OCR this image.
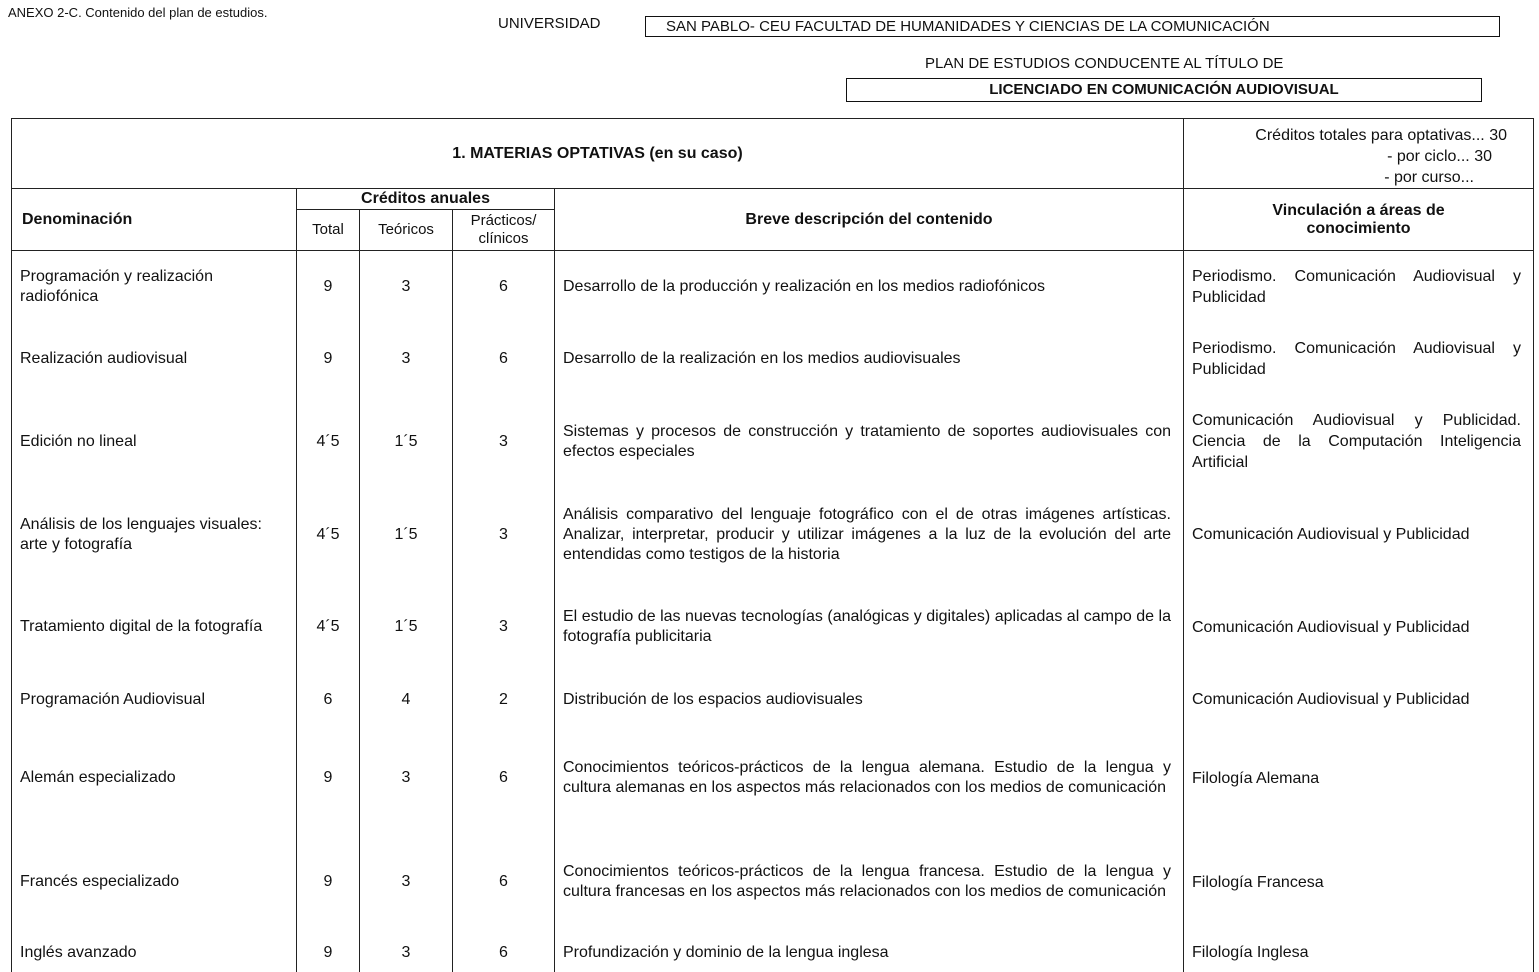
ANEXO 2-C. Contenido del plan de estudios.
UNIVERSIDAD	SAN PABLO- CEU FACULTAD DE HUMANIDADES Y CIENCIAS DE LA COMUNICACIÓN
PLAN DE ESTUDIOS CONDUCENTE AL TÍTULO DE
LICENCIADO EN COMUNICACIÓN AUDIOVISUAL
1. MATERIAS OPTATIVAS (en su caso)					Créditos totales para optativas... 30
- por ciclo... 30
- por curso...

Denominación	Créditos anuales			Breve descripción del contenido	Vinculación a áreas de
conocimiento

	Total	Teóricos	Prácticos/
clínicos		

Programación y realización radiofónica	9	3	6	Desarrollo de la producción y realización en los medios radiofónicos	Periodismo. Comunicación Audiovisual y Publicidad
Realización audiovisual	9	3	6	Desarrollo de la realización en los medios audiovisuales	Periodismo. Comunicación Audiovisual y Publicidad
Edición no lineal	4´5	1´5	3	Sistemas y procesos de construcción y tratamiento de soportes audiovisuales con efectos especiales	Comunicación Audiovisual y Publicidad. Ciencia de la Computación Inteligencia Artificial
Análisis de los lenguajes visuales: arte y fotografía	4´5	1´5	3	Análisis comparativo del lenguaje fotográfico con el de otras imágenes artísticas. Analizar, interpretar, producir y utilizar imágenes a la luz de la evolución del arte entendidas como testigos de la historia	Comunicación Audiovisual y Publicidad
Tratamiento digital de la fotografía	4´5	1´5	3	El estudio de las nuevas tecnologías (analógicas y digitales) aplicadas al campo de la fotografía publicitaria	Comunicación Audiovisual y Publicidad
Programación Audiovisual	6	4	2	Distribución de los espacios audiovisuales	Comunicación Audiovisual y Publicidad
Alemán especializado	9	3	6	Conocimientos teóricos-prácticos de la lengua alemana. Estudio de la lengua y cultura alemanas en los aspectos más relacionados con los medios de comunicación	Filología Alemana
Francés especializado	9	3	6	Conocimientos teóricos-prácticos de la lengua francesa. Estudio de la lengua y cultura francesas en los aspectos más relacionados con los medios de comunicación	Filología Francesa
Inglés avanzado	9	3	6	Profundización y dominio de la lengua inglesa	Filología Inglesa
